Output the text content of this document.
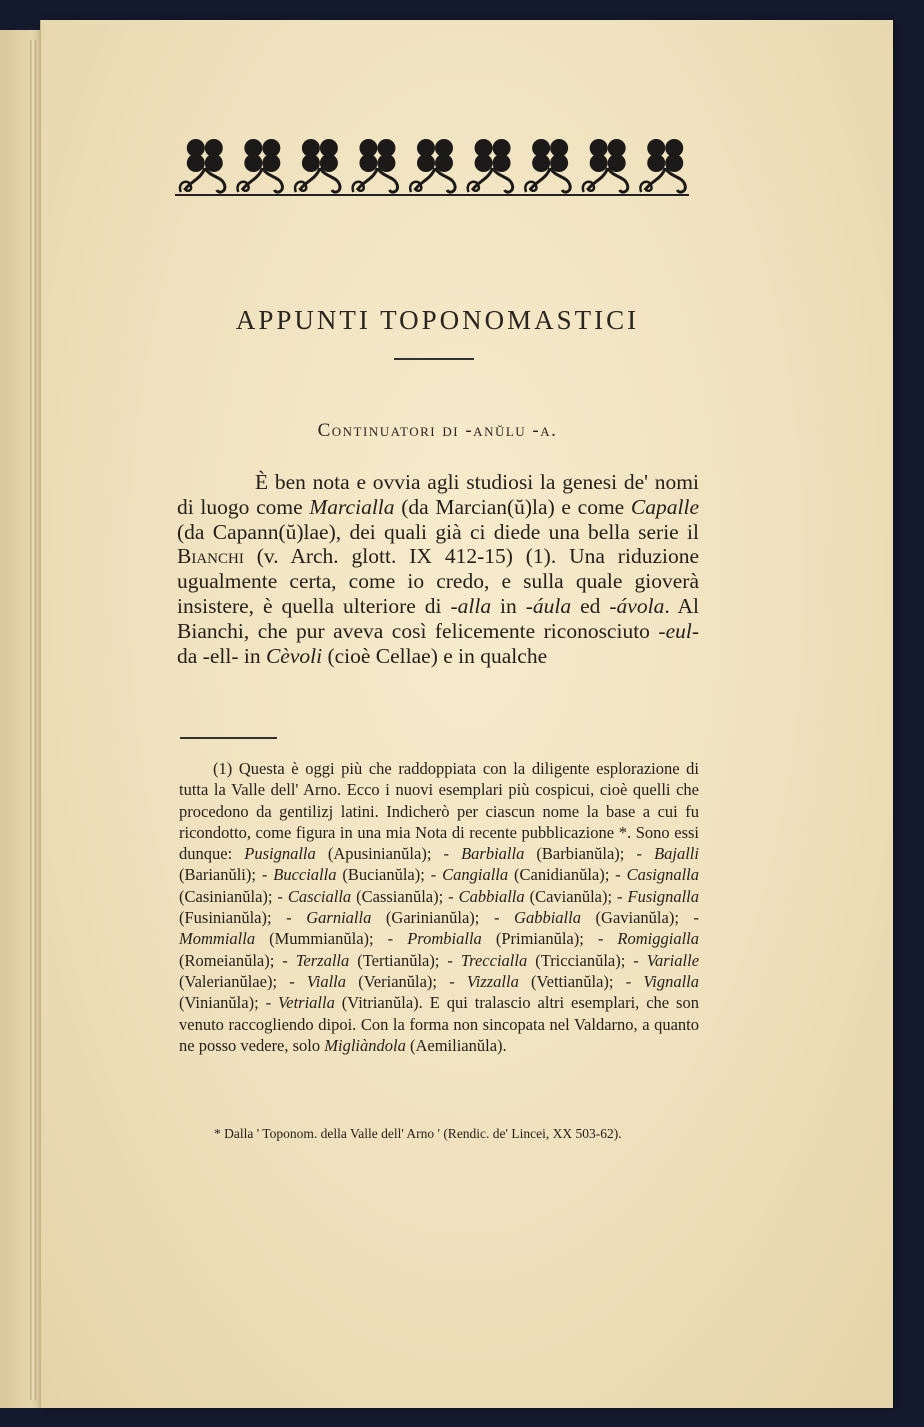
APPUNTI TOPONOMASTICI
Continuatori di -anŭlu -a.

È ben nota e ovvia agli studiosi la genesi de' nomi di luogo come Marcialla (da Marcian(ŭ)la) e come Capalle (da Capann(ŭ)lae), dei quali già ci diede una bella serie il Bianchi (v. Arch. glott. IX 412-15) (1). Una riduzione ugualmente certa, come io credo, e sulla quale gioverà insistere, è quella ulteriore di -alla in -áula ed -ávola. Al Bianchi, che pur aveva così felicemente riconosciuto -eul- da -ell- in Cèvoli (cioè Cellae) e in qualche

(1) Questa è oggi più che raddoppiata con la diligente esplorazione di tutta la Valle dell' Arno. Ecco i nuovi esemplari più cospicui, cioè quelli che procedono da gentilizj latini. Indicherò per ciascun nome la base a cui fu ricondotto, come figura in una mia Nota di recente pubblicazione *. Sono essi dunque: Pusignalla (Apusinianŭla); - Barbialla (Barbianŭla); - Bajalli (Barianŭli); - Buccialla (Bucianŭla); - Cangialla (Canidianŭla); - Casignalla (Casinianŭla); - Cascialla (Cassianŭla); - Cabbialla (Cavianŭla); - Fusignalla (Fusinianŭla); - Garnialla (Garinianŭla); - Gabbialla (Gavianŭla); - Mommialla (Mummianŭla); - Prombialla (Primianŭla); - Romiggialla (Romeianŭla); - Terzalla (Tertianŭla); - Treccialla (Triccianŭla); - Varialle (Valerianŭlae); - Vialla (Verianŭla); - Vizzalla (Vettianŭla); - Vignalla (Vinianŭla); - Vetrialla (Vitrianŭla). E qui tralascio altri esemplari, che son venuto raccogliendo dipoi. Con la forma non sincopata nel Valdarno, a quanto ne posso vedere, solo Migliàndola (Aemilianŭla).

* Dalla ' Toponom. della Valle dell' Arno ' (Rendic. de' Lincei, XX 503-62).
